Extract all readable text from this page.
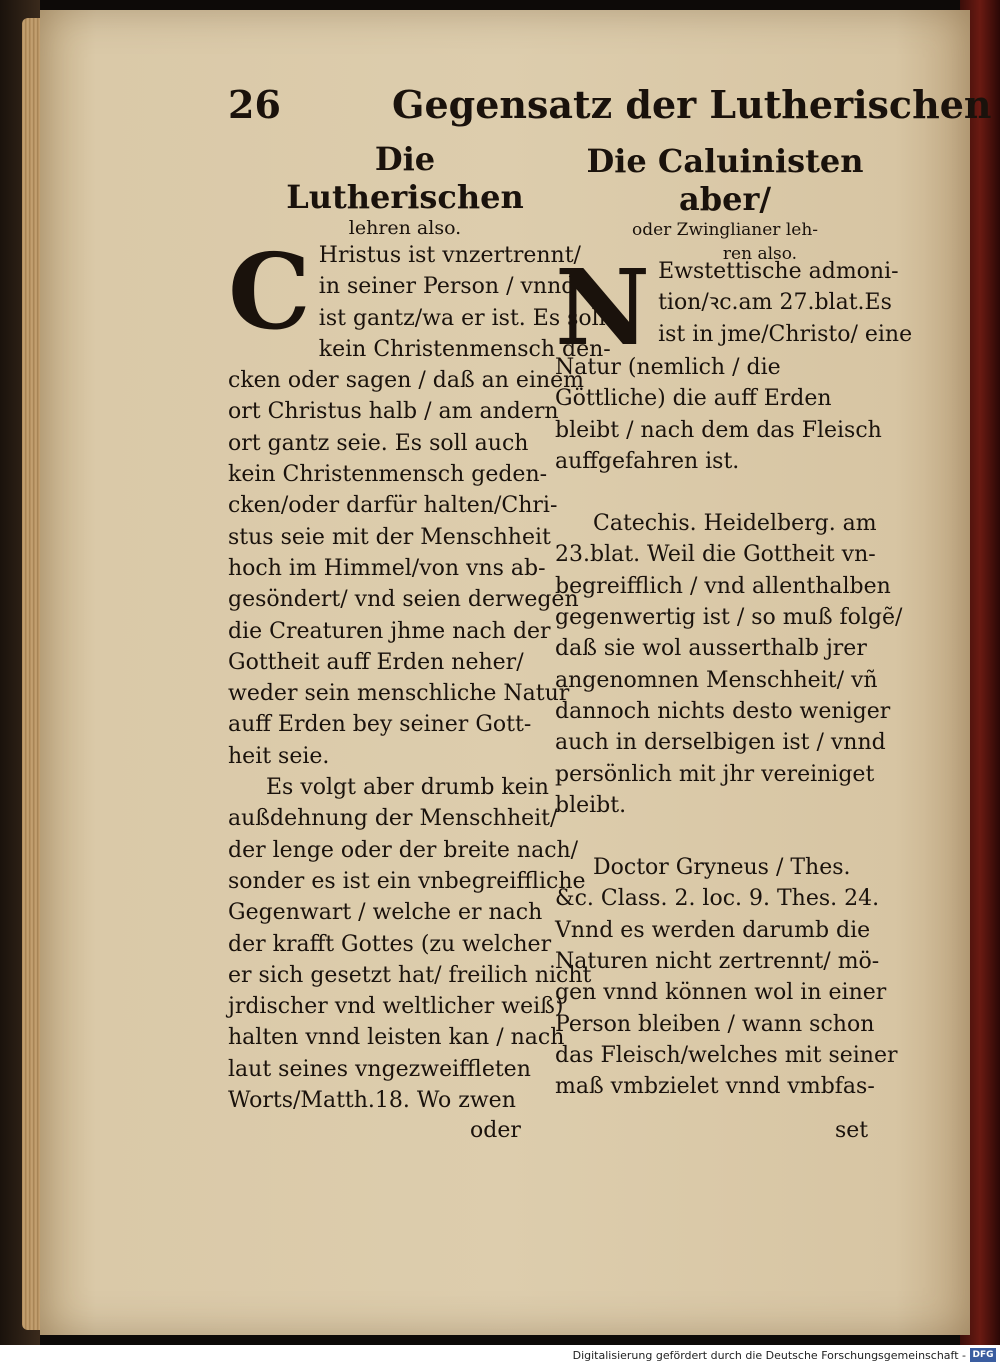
26	Gegensatz der Lutherischen
Die Lutherischen
lehren also.
Die Caluinisten aber/
oder Zwinglianer leh-
ren also.
C Hristus ist vnzertrennt/

in seiner Person / vnnd

ist gantz/wa er ist. Es soll

kein Christenmensch den-

cken oder sagen / daß an einem

ort Christus halb / am andern

ort gantz seie. Es soll auch

kein Christenmensch geden-

cken/oder darfür halten/Chri-

stus seie mit der Menschheit

hoch im Himmel/von vns ab-

gesöndert/ vnd seien derwegen

die Creaturen jhme nach der

Gottheit auff Erden neher/

weder sein menschliche Natur

auff Erden bey seiner Gott-

heit seie.

Es volgt aber drumb kein

außdehnung der Menschheit/

der lenge oder der breite nach/

sonder es ist ein vnbegreiffliche

Gegenwart / welche er nach

der krafft Gottes (zu welcher

er sich gesetzt hat/ freilich nicht

jrdischer vnd weltlicher weiß)

halten vnnd leisten kan / nach

laut seines vngezweiffleten

Worts/Matth.18. Wo zwen

oder
N Ewstettische admoni-

tion/ꝛc.am 27.blat.Es

ist in jme/Christo/ eine

Natur (nemlich / die

Göttliche) die auff Erden

bleibt / nach dem das Fleisch

auffgefahren ist.

Catechis. Heidelberg. am

23.blat. Weil die Gottheit vn-

begreifflich / vnd allenthalben

gegenwertig ist / so muß folgẽ/

daß sie wol ausserthalb jrer

angenomnen Menschheit/ vñ

dannoch nichts desto weniger

auch in derselbigen ist / vnnd

persönlich mit jhr vereiniget

bleibt.

Doctor Gryneus / Thes.

&c. Class. 2. loc. 9. Thes. 24.

Vnnd es werden darumb die

Naturen nicht zertrennt/ mö-

gen vnnd können wol in einer

Person bleiben / wann schon

das Fleisch/welches mit seiner

maß vmbzielet vnnd vmbfas-

set
Digitalisierung gefördert durch die Deutsche Forschungsgemeinschaft - DFG
